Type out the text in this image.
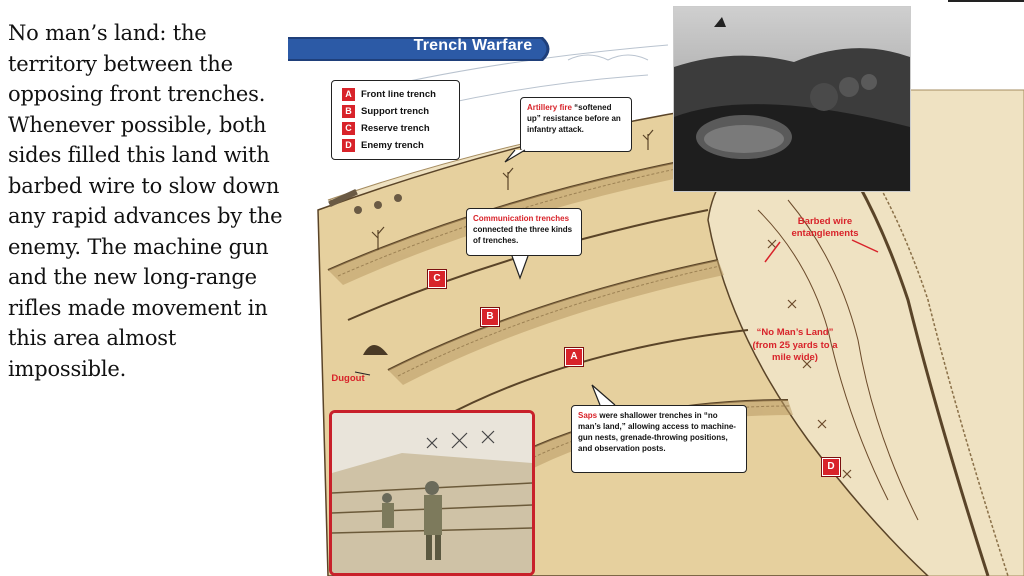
No man’s land: the territory between the opposing front trenches. Whenever possible, both sides filled this land with barbed wire to slow down any rapid advances by the enemy. The machine gun and the new long-range rifles made movement in this area almost impossible.
Trench Warfare
A Front line trench
B Support trench
C Reserve trench
D Enemy trench
Artillery fire “softened up” resistance before an infantry attack.
Communication trenches connected the three kinds of trenches.
Saps were shallower trenches in “no man’s land,” allowing access to machine-gun nests, grenade-throwing positions, and observation posts.
Barbed wire entanglements
“No Man’s Land”
(from 25 yards to a mile wide)
Dugout
C
B
A
D
